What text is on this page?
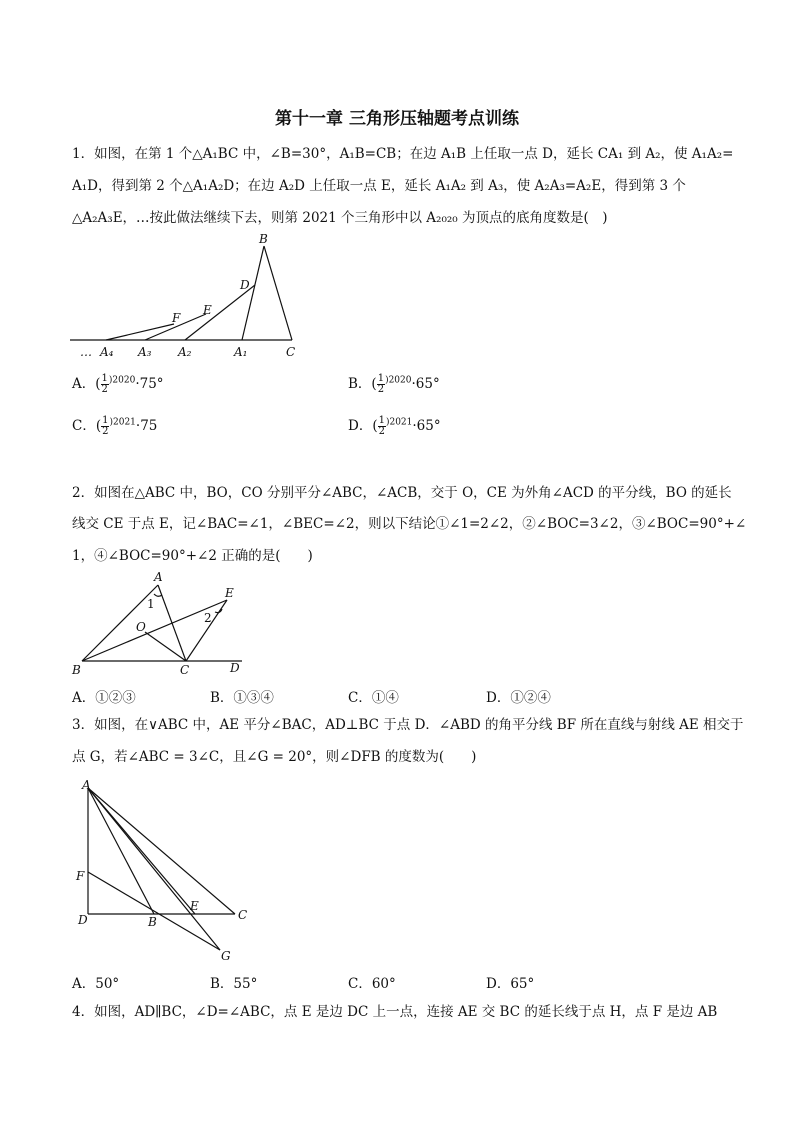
第十一章 三角形压轴题考点训练
1．如图，在第 1 个△A₁BC 中，∠B=30°，A₁B=CB；在边 A₁B 上任取一点 D，延长 CA₁ 到 A₂，使 A₁A₂=
A₁D，得到第 2 个△A₁A₂D；在边 A₂D 上任取一点 E，延长 A₁A₂ 到 A₃，使 A₂A₃=A₂E，得到第 3 个
△A₂A₃E，…按此做法继续下去，则第 2021 个三角形中以 A₂₀₂₀ 为顶点的底角度数是(　)
B
D
E
F
… A₄ A₃ A₂	A₁	C
A．( $\frac{1}{2} ^{)2020}\cdot 75^\circ$	B．( $\frac{1}{2} ^{)2020}\cdot 65^\circ$
C．( $\frac{1}{2} ^{)2021}\cdot 75$	D．( $\frac{1}{2} ^{)2021}\cdot 65^\circ$
2．如图在△ABC 中，BO，CO 分别平分∠ABC，∠ACB，交于 O，CE 为外角∠ACD 的平分线，BO 的延长
线交 CE 于点 E，记∠BAC=∠1，∠BEC=∠2，则以下结论①∠1=2∠2，②∠BOC=3∠2，③∠BOC=90°+∠
1，④∠BOC=90°+∠2 正确的是(　　)
A
E
1
2
O
B	C	D
A．①②③	B．①③④	C．①④	D．①②④
3．如图，在∨ABC 中，AE 平分∠BAC，AD⊥BC 于点 D．∠ABD 的角平分线 BF 所在直线与射线 AE 相交于
点 G，若∠ABC = 3∠C，且∠G = 20°，则∠DFB 的度数为(　　)
A
F
D	B
E
C
G
A．50°	B．55°	C．60°	D．65°
4．如图，AD∥BC，∠D=∠ABC，点 E 是边 DC 上一点，连接 AE 交 BC 的延长线于点 H，点 F 是边 AB
